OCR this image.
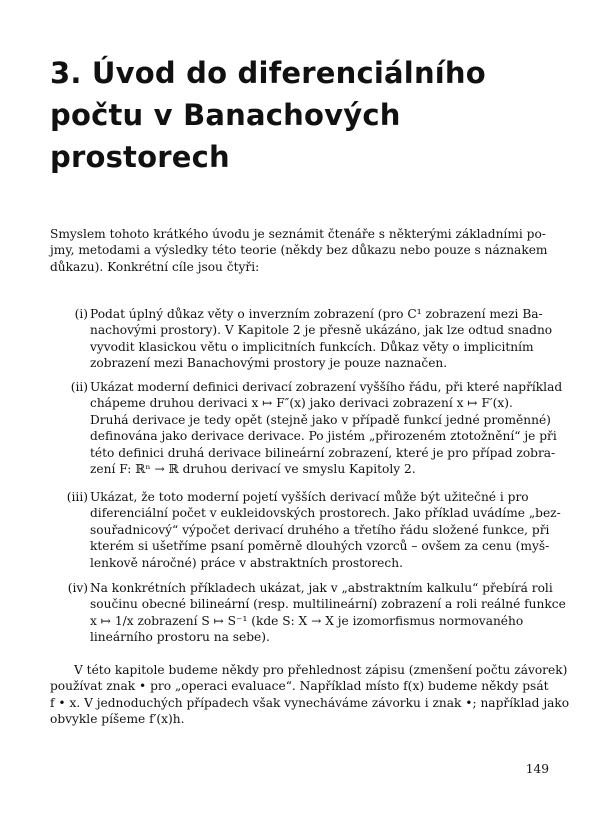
3. Úvod do diferenciálního
počtu v Banachových
prostorech
Smyslem tohoto krátkého úvodu je seznámit čtenáře s některými základními po-
jmy, metodami a výsledky této teorie (někdy bez důkazu nebo pouze s náznakem
důkazu). Konkrétní cíle jsou čtyři:
(i) Podat úplný důkaz věty o inverzním zobrazení (pro C¹ zobrazení mezi Ba-
nachovými prostory). V Kapitole 2 je přesně ukázáno, jak lze odtud snadno
vyvodit klasickou větu o implicitních funkcích. Důkaz věty o implicitním
zobrazení mezi Banachovými prostory je pouze naznačen.
(ii) Ukázat moderní definici derivací zobrazení vyššího řádu, při které například
chápeme druhou derivaci x ↦ F″(x) jako derivaci zobrazení x ↦ F′(x).
Druhá derivace je tedy opět (stejně jako v případě funkcí jedné proměnné)
definována jako derivace derivace. Po jistém „přirozeném ztotožnění“ je při
této definici druhá derivace bilineární zobrazení, které je pro případ zobra-
zení F: ℝⁿ → ℝ druhou derivací ve smyslu Kapitoly 2.
(iii) Ukázat, že toto moderní pojetí vyšších derivací může být užitečné i pro
diferenciální počet v eukleidovských prostorech. Jako příklad uvádíme „bez-
souřadnicový“ výpočet derivací druhého a třetího řádu složené funkce, při
kterém si ušetříme psaní poměrně dlouhých vzorců – ovšem za cenu (myš-
lenkově náročné) práce v abstraktních prostorech.
(iv) Na konkrétních příkladech ukázat, jak v „abstraktním kalkulu“ přebírá roli
součinu obecné bilineární (resp. multilineární) zobrazení a roli reálné funkce
x ↦ 1/x zobrazení S ↦ S⁻¹ (kde S: X → X je izomorfismus normovaného
lineárního prostoru na sebe).
V této kapitole budeme někdy pro přehlednost zápisu (zmenšení počtu závorek)
používat znak • pro „operaci evaluace“. Například místo f(x) budeme někdy psát
f • x. V jednoduchých případech však vynecháváme závorku i znak •; například jako
obvykle píšeme f′(x)h.
149
